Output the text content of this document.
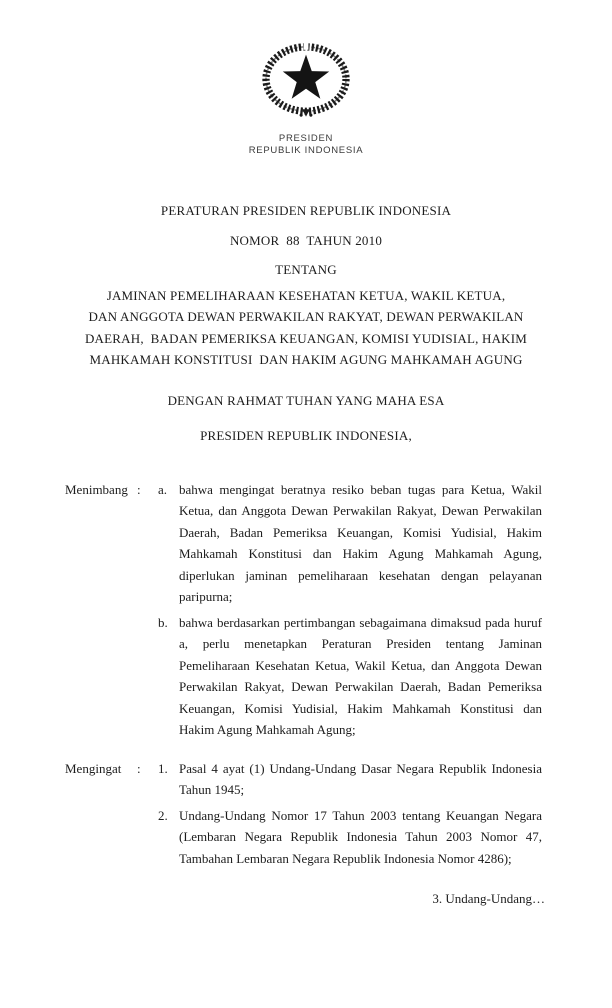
PRESIDEN
REPUBLIK INDONESIA
PERATURAN PRESIDEN REPUBLIK INDONESIA
NOMOR  88  TAHUN 2010
TENTANG
JAMINAN PEMELIHARAAN KESEHATAN KETUA, WAKIL KETUA,
DAN ANGGOTA DEWAN PERWAKILAN RAKYAT, DEWAN PERWAKILAN
DAERAH,  BADAN PEMERIKSA KEUANGAN, KOMISI YUDISIAL, HAKIM
MAHKAMAH KONSTITUSI  DAN HAKIM AGUNG MAHKAMAH AGUNG
DENGAN RAHMAT TUHAN YANG MAHA ESA
PRESIDEN REPUBLIK INDONESIA,
Menimbang :	a. bahwa mengingat beratnya resiko beban tugas para Ketua, Wakil Ketua, dan Anggota Dewan Perwakilan Rakyat, Dewan Perwakilan Daerah, Badan Pemeriksa Keuangan, Komisi Yudisial, Hakim Mahkamah Konstitusi dan Hakim Agung Mahkamah Agung, diperlukan jaminan pemeliharaan kesehatan dengan pelayanan paripurna;
b. bahwa berdasarkan pertimbangan sebagaimana dimaksud pada huruf a, perlu menetapkan Peraturan Presiden tentang Jaminan Pemeliharaan Kesehatan Ketua, Wakil Ketua, dan Anggota Dewan Perwakilan Rakyat, Dewan Perwakilan Daerah, Badan Pemeriksa Keuangan, Komisi Yudisial, Hakim Mahkamah Konstitusi dan Hakim Agung Mahkamah Agung;
Mengingat	:	1. Pasal 4 ayat (1) Undang-Undang Dasar Negara Republik Indonesia Tahun 1945;
2. Undang-Undang Nomor 17 Tahun 2003 tentang Keuangan Negara (Lembaran Negara Republik Indonesia Tahun 2003 Nomor 47, Tambahan Lembaran Negara Republik Indonesia Nomor 4286);
3. Undang-Undang…
